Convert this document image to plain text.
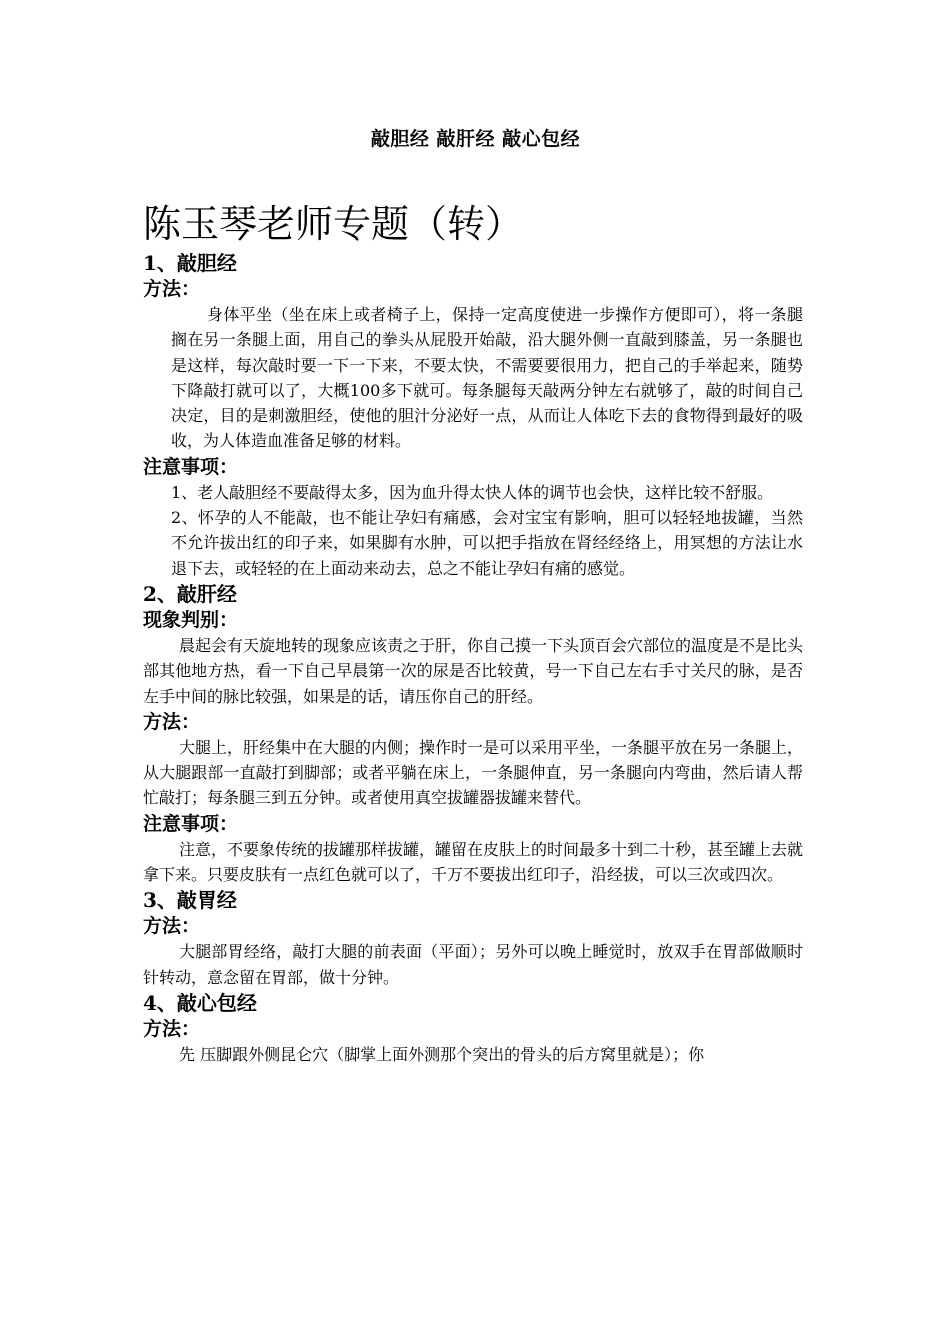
敲胆经 敲肝经 敲心包经
陈玉琴老师专题（转）
1、敲胆经
方法：

身体平坐（坐在床上或者椅子上，保持一定高度使进一步操作方便即可），将一条腿搁在另一条腿上面，用自己的拳头从屁股开始敲，沿大腿外侧一直敲到膝盖，另一条腿也是这样，每次敲时要一下一下来，不要太快，不需要要很用力，把自己的手举起来，随势下降敲打就可以了，大概100多下就可。每条腿每天敲两分钟左右就够了，敲的时间自己决定，目的是刺激胆经，使他的胆汁分泌好一点，从而让人体吃下去的食物得到最好的吸收，为人体造血准备足够的材料。

注意事项：

1、老人敲胆经不要敲得太多，因为血升得太快人体的调节也会快，这样比较不舒服。

2、怀孕的人不能敲，也不能让孕妇有痛感，会对宝宝有影响，胆可以轻轻地拔罐，当然不允许拔出红的印子来，如果脚有水肿，可以把手指放在肾经经络上，用冥想的方法让水退下去，或轻轻的在上面动来动去，总之不能让孕妇有痛的感觉。

2、敲肝经
现象判别：

晨起会有天旋地转的现象应该责之于肝，你自己摸一下头顶百会穴部位的温度是不是比头部其他地方热，看一下自己早晨第一次的尿是否比较黄，号一下自己左右手寸关尺的脉，是否左手中间的脉比较强，如果是的话，请压你自己的肝经。

方法：

大腿上，肝经集中在大腿的内侧；操作时一是可以采用平坐，一条腿平放在另一条腿上，从大腿跟部一直敲打到脚部；或者平躺在床上，一条腿伸直，另一条腿向内弯曲，然后请人帮忙敲打；每条腿三到五分钟。或者使用真空拔罐器拔罐来替代。

注意事项：

注意，不要象传统的拔罐那样拔罐，罐留在皮肤上的时间最多十到二十秒，甚至罐上去就拿下来。只要皮肤有一点红色就可以了，千万不要拔出红印子，沿经拔，可以三次或四次。

3、敲胃经
方法：

大腿部胃经络，敲打大腿的前表面（平面）；另外可以晚上睡觉时，放双手在胃部做顺时针转动，意念留在胃部，做十分钟。

4、敲心包经
方法：

先 压脚跟外侧昆仑穴（脚掌上面外测那个突出的骨头的后方窝里就是）；你
